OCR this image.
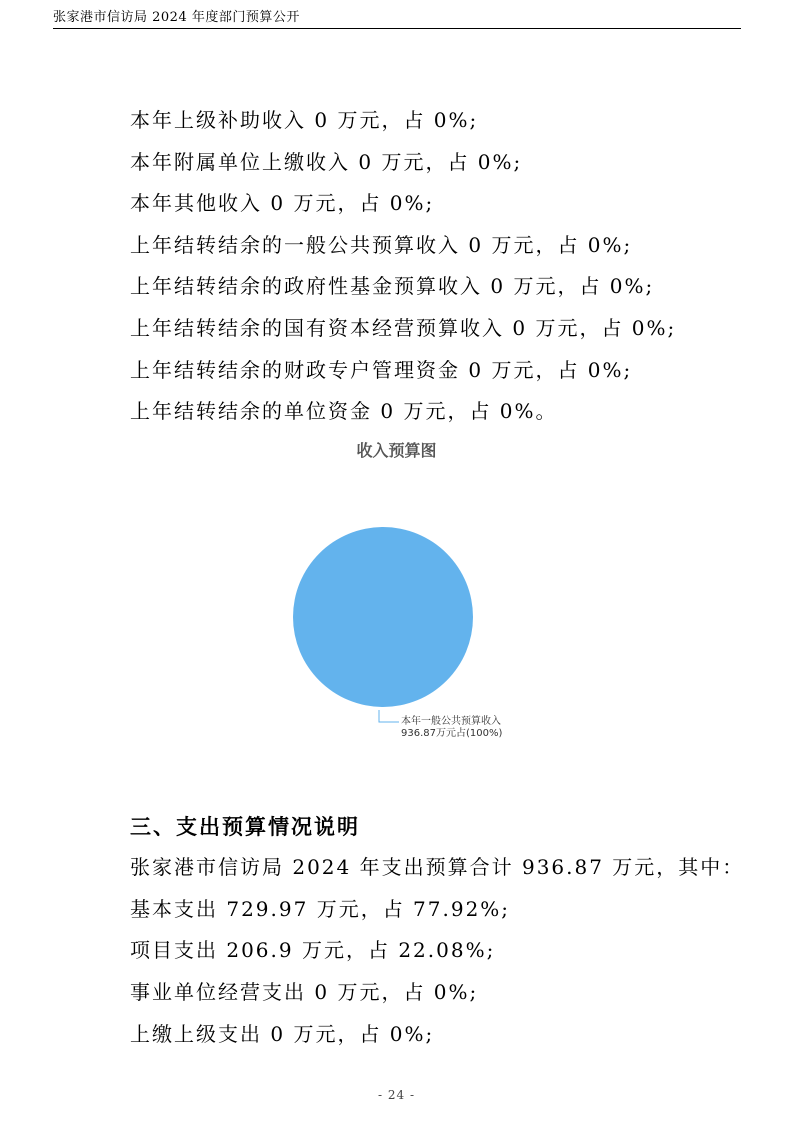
张家港市信访局 2024 年度部门预算公开
本年上级补助收入 0 万元，占 0%;
本年附属单位上缴收入 0 万元，占 0%;
本年其他收入 0 万元，占 0%;
上年结转结余的一般公共预算收入 0 万元，占 0%;
上年结转结余的政府性基金预算收入 0 万元，占 0%;
上年结转结余的国有资本经营预算收入 0 万元，占 0%;
上年结转结余的财政专户管理资金 0 万元，占 0%;
上年结转结余的单位资金 0 万元，占 0%。
收入预算图
本年一般公共预算收入
936.87万元占(100%)
三、支出预算情况说明
张家港市信访局 2024 年支出预算合计 936.87 万元，其中：
基本支出 729.97 万元，占 77.92%;
项目支出 206.9 万元，占 22.08%;
事业单位经营支出 0 万元，占 0%;
上缴上级支出 0 万元，占 0%;
- 24 -
